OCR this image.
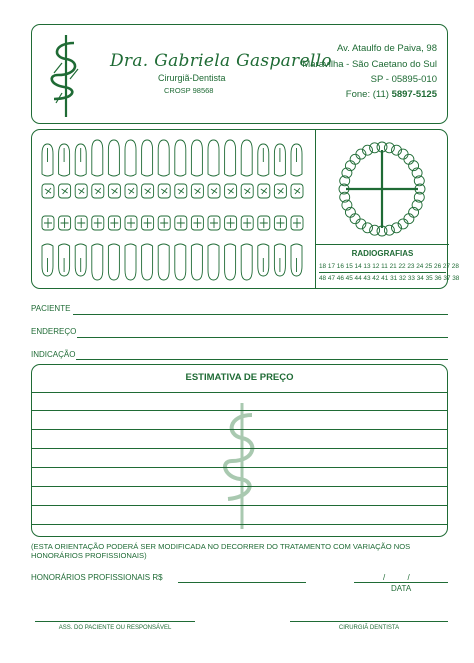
Dra. Gabriela Gasparello
Cirurgiã-Dentista
CROSP 98568
Av. Ataulfo de Paiva, 98
Maravilha - São Caetano do Sul
SP - 05895-010
Fone: (11) 5897-5125
RADIOGRAFIAS
18 17 16 15 14 13 12 11 21 22 23 24 25 26 27 28
48 47 46 45 44 43 42 41 31 32 33 34 35 36 37 38
PACIENTE
ENDEREÇO
INDICAÇÃO
ESTIMATIVA DE PREÇO
(ESTA ORIENTAÇÃO PODERÁ SER MODIFICADA NO DECORRER DO TRATAMENTO COM VARIAÇÃO NOS HONORÁRIOS PROFISSIONAIS)
HONORÁRIOS PROFISSIONAIS R$	/          /
DATA
ASS. DO PACIENTE OU RESPONSÁVEL	CIRURGIÃ DENTISTA
